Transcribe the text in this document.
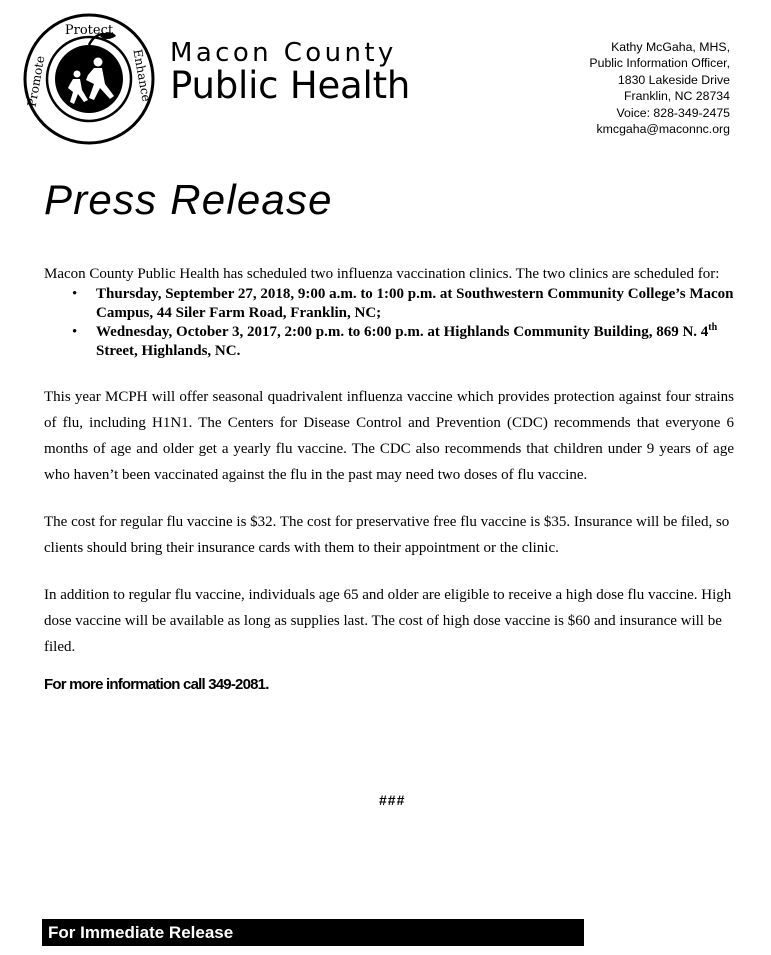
Protect
Enhance
Promote
Macon County
Public Health
Kathy McGaha, MHS,
Public Information Officer,
1830 Lakeside Drive
Franklin, NC 28734
Voice: 828-349-2475
kmcgaha@maconnc.org
Press Release

Macon County Public Health has scheduled two influenza vaccination clinics. The two clinics are scheduled for:

• Thursday, September 27, 2018, 9:00 a.m. to 1:00 p.m. at Southwestern Community College’s Macon Campus, 44 Siler Farm Road, Franklin, NC;
• Wednesday, October 3, 2017, 2:00 p.m. to 6:00 p.m. at Highlands Community Building, 869 N. 4th Street, Highlands, NC.

This year MCPH will offer seasonal quadrivalent influenza vaccine which provides protection against four strains of flu, including H1N1. The Centers for Disease Control and Prevention (CDC) recommends that everyone 6 months of age and older get a yearly flu vaccine. The CDC also recommends that children under 9 years of age who haven’t been vaccinated against the flu in the past may need two doses of flu vaccine.

The cost for regular flu vaccine is $32. The cost for preservative free flu vaccine is $35. Insurance will be filed, so clients should bring their insurance cards with them to their appointment or the clinic.

In addition to regular flu vaccine, individuals age 65 and older are eligible to receive a high dose flu vaccine. High dose vaccine will be available as long as supplies last. The cost of high dose vaccine is $60 and insurance will be filed.

For more information call 349-2081.

###
For Immediate Release
